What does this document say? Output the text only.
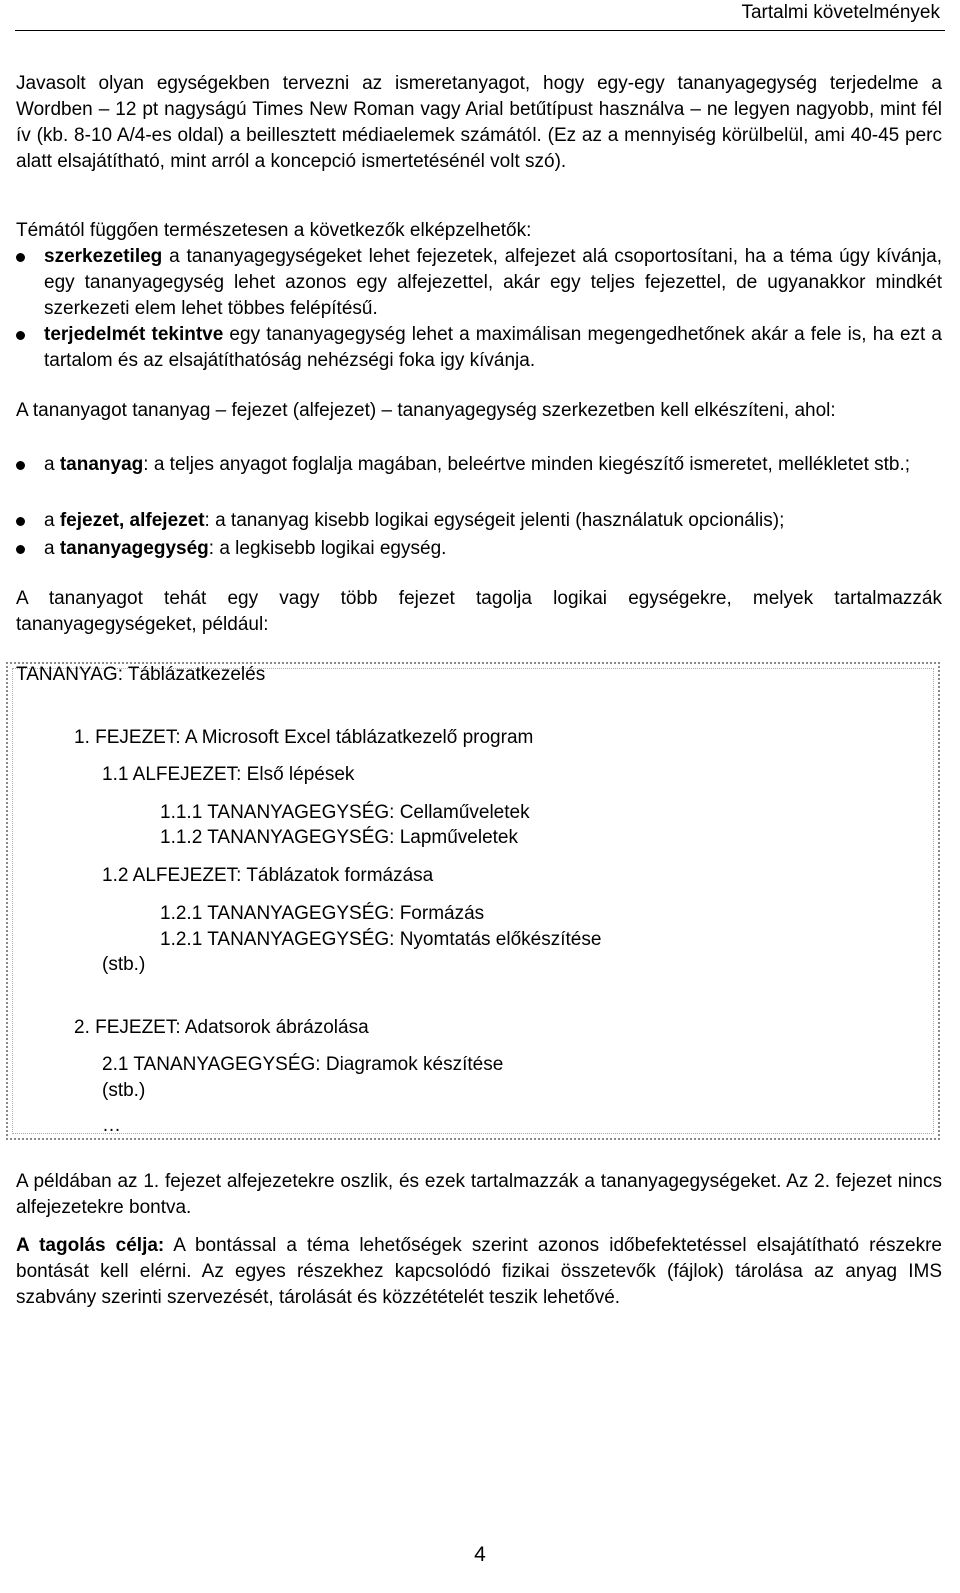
Tartalmi követelmények

Javasolt olyan egységekben tervezni az ismeretanyagot, hogy egy-egy tananyagegység terjedelme a Wordben – 12 pt nagyságú Times New Roman vagy Arial betűtípust használva – ne legyen nagyobb, mint fél ív (kb. 8-10 A/4-es oldal) a beillesztett médiaelemek számától. (Ez az a mennyiség körülbelül, ami 40-45 perc alatt elsajátítható, mint arról a koncepció ismertetésénél volt szó).

Témától függően természetesen a következők elképzelhetők:

szerkezetileg a tananyagegységeket lehet fejezetek, alfejezet alá csoportosítani, ha a téma úgy kívánja, egy tananyagegység lehet azonos egy alfejezettel, akár egy teljes fejezettel, de ugyanakkor mindkét szerkezeti elem lehet többes felépítésű.
terjedelmét tekintve egy tananyagegység lehet a maximálisan megengedhetőnek akár a fele is, ha ezt a tartalom és az elsajátíthatóság nehézségi foka igy kívánja.

A tananyagot tananyag – fejezet (alfejezet) – tananyagegység szerkezetben kell elkészíteni, ahol:

a tananyag: a teljes anyagot foglalja magában, beleértve minden kiegészítő ismeretet, mellékletet stb.;
a fejezet, alfejezet: a tananyag kisebb logikai egységeit jelenti (használatuk opcionális);
a tananyagegység: a legkisebb logikai egység.

A tananyagot tehát egy vagy több fejezet tagolja logikai egységekre, melyek tartalmazzák tananyagegységeket, például:

TANANYAG: Táblázatkezelés
1. FEJEZET: A Microsoft Excel táblázatkezelő program
1.1 ALFEJEZET: Első lépések
1.1.1 TANANYAGEGYSÉG: Cellaműveletek
1.1.2 TANANYAGEGYSÉG: Lapműveletek
1.2 ALFEJEZET: Táblázatok formázása
1.2.1 TANANYAGEGYSÉG: Formázás
1.2.1 TANANYAGEGYSÉG: Nyomtatás előkészítése
(stb.)
2. FEJEZET: Adatsorok ábrázolása
2.1 TANANYAGEGYSÉG: Diagramok készítése
(stb.)
…

A példában az 1. fejezet alfejezetekre oszlik, és ezek tartalmazzák a tananyagegységeket. Az 2. fejezet nincs alfejezetekre bontva.

A tagolás célja: A bontással a téma lehetőségek szerint azonos időbefektetéssel elsajátítható részekre bontását kell elérni. Az egyes részekhez kapcsolódó fizikai összetevők (fájlok) tárolása az anyag IMS szabvány szerinti szervezését, tárolását és közzétételét teszik lehetővé.

4
